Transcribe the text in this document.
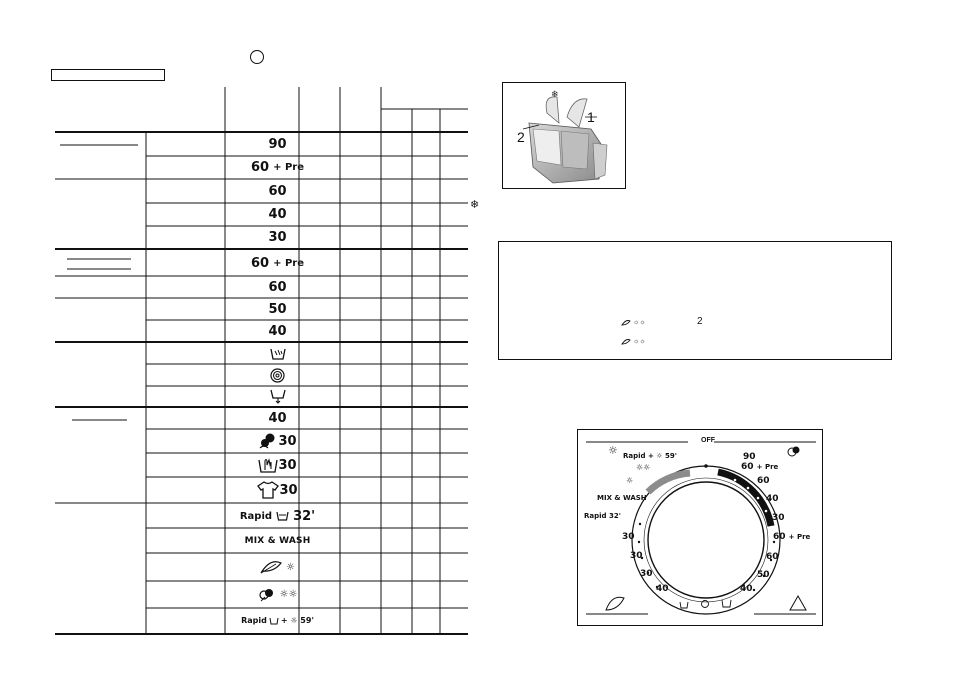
❄
90
60 + Pre
60
40
30
60 + Pre
60
50
40
40
30
30
30
Rapid 32'
MIX & WASH
☼
☼☼
Rapid + ☼ 59'
❄
2
1
☼☼	2
☼☼
☼
OFF
90
60 + Pre
60
40
30
60 + Pre
60
50
40
Rapid + ☼ 59'
☼☼
☼
MIX & WASH
Rapid 32'
30
30
30
40
